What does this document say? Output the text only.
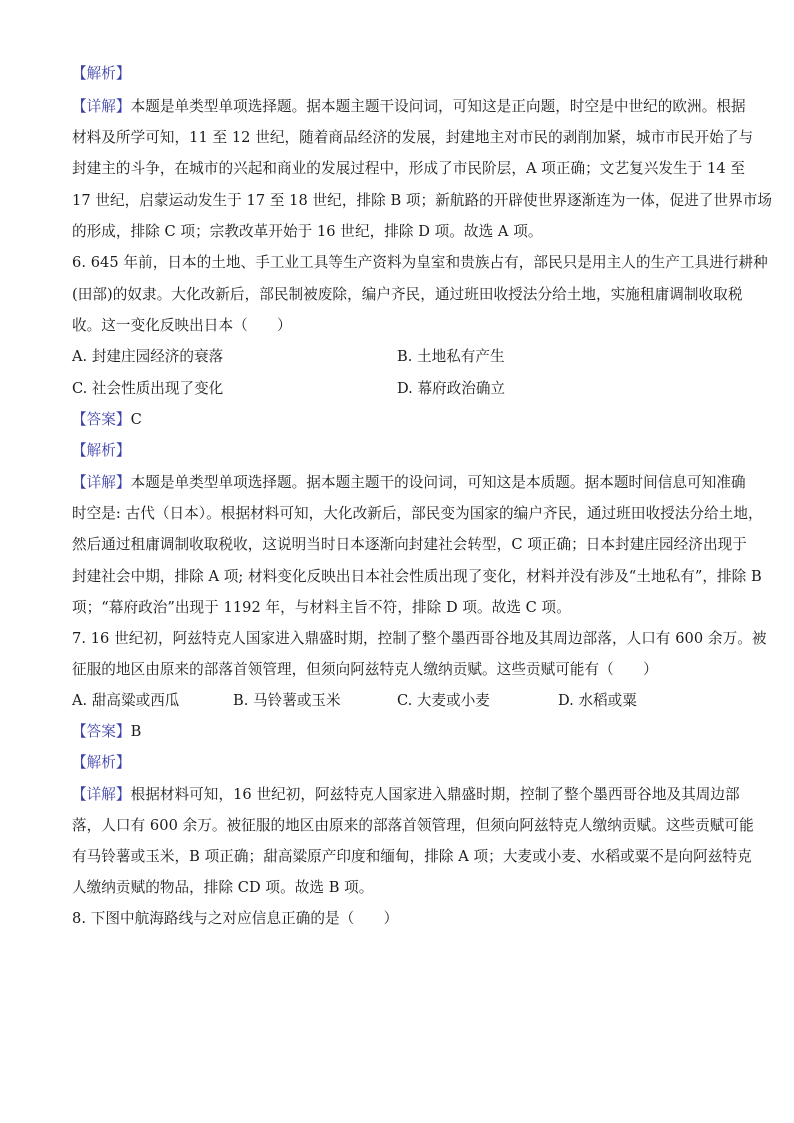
【解析】
【详解】本题是单类型单项选择题。据本题主题干设问词，可知这是正向题，时空是中世纪的欧洲。根据
材料及所学可知，11 至 12 世纪，随着商品经济的发展，封建地主对市民的剥削加紧，城市市民开始了与
封建主的斗争，在城市的兴起和商业的发展过程中，形成了市民阶层，A 项正确；文艺复兴发生于 14 至
17 世纪，启蒙运动发生于 17 至 18 世纪，排除 B 项；新航路的开辟使世界逐渐连为一体，促进了世界市场
的形成，排除 C 项；宗教改革开始于 16 世纪，排除 D 项。故选 A 项。
6. 645 年前，日本的土地、手工业工具等生产资料为皇室和贵族占有，部民只是用主人的生产工具进行耕种
(田部)的奴隶。大化改新后，部民制被废除，编户齐民，通过班田收授法分给土地，实施租庸调制收取税
收。这一变化反映出日本（　　）
A. 封建庄园经济的衰落	B. 土地私有产生
C. 社会性质出现了变化	D. 幕府政治确立
【答案】C
【解析】
【详解】本题是单类型单项选择题。据本题主题干的设问词，可知这是本质题。据本题时间信息可知准确
时空是: 古代（日本）。根据材料可知，大化改新后，部民变为国家的编户齐民，通过班田收授法分给土地，
然后通过租庸调制收取税收，这说明当时日本逐渐向封建社会转型，C 项正确；日本封建庄园经济出现于
封建社会中期，排除 A 项; 材料变化反映出日本社会性质出现了变化，材料并没有涉及“土地私有”，排除 B
项；“幕府政治”出现于 1192 年，与材料主旨不符，排除 D 项。故选 C 项。
7. 16 世纪初，阿兹特克人国家进入鼎盛时期，控制了整个墨西哥谷地及其周边部落，人口有 600 余万。被
征服的地区由原来的部落首领管理，但须向阿兹特克人缴纳贡赋。这些贡赋可能有（　　）
A. 甜高粱或西瓜	B. 马铃薯或玉米	C. 大麦或小麦	D. 水稻或粟
【答案】B
【解析】
【详解】根据材料可知，16 世纪初，阿兹特克人国家进入鼎盛时期，控制了整个墨西哥谷地及其周边部
落，人口有 600 余万。被征服的地区由原来的部落首领管理，但须向阿兹特克人缴纳贡赋。这些贡赋可能
有马铃薯或玉米，B 项正确；甜高粱原产印度和缅甸，排除 A 项；大麦或小麦、水稻或粟不是向阿兹特克
人缴纳贡赋的物品，排除 CD 项。故选 B 项。
8. 下图中航海路线与之对应信息正确的是（　　）
